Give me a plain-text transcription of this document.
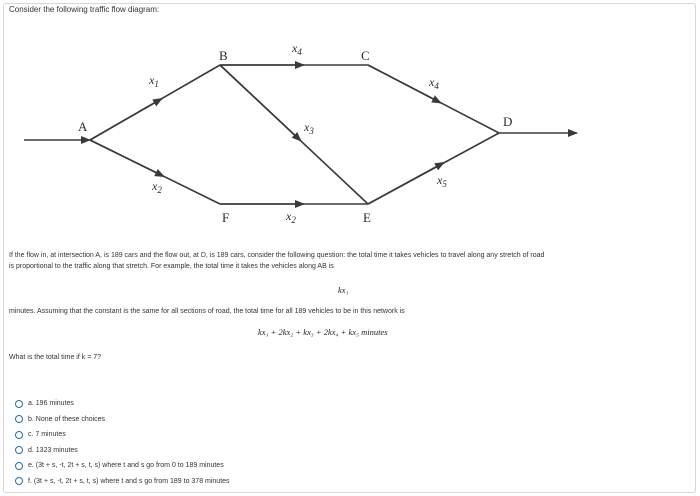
Consider the following traffic flow diagram:
A
B	C
D
E
F
$x_1$
$x_4$
$x_4$
$x_3$
$x_2$
$x_2$
$x_5$
If the flow in, at intersection A, is 189 cars and the flow out, at D, is 189 cars, consider the following question: the total time it takes vehicles to travel along any stretch of road
is proportional to the traffic along that stretch. For example, the total time it takes the vehicles along AB is
kx₁
minutes. Assuming that the constant is the same for all sections of road, the total time for all 189 vehicles to be in this network is
kx₁ + 2kx₂ + kx₃ + 2kx₄ + kx₅ minutes
What is the total time if k = 7?
a. 196 minutes
b. None of these choices
c. 7 minutes
d. 1323 minutes
e. (3t + s, -t, 2t + s, t, s) where t and s go from 0 to 189 minutes
f. (3t + s, -t, 2t + s, t, s) where t and s go from 189 to 378 minutes
